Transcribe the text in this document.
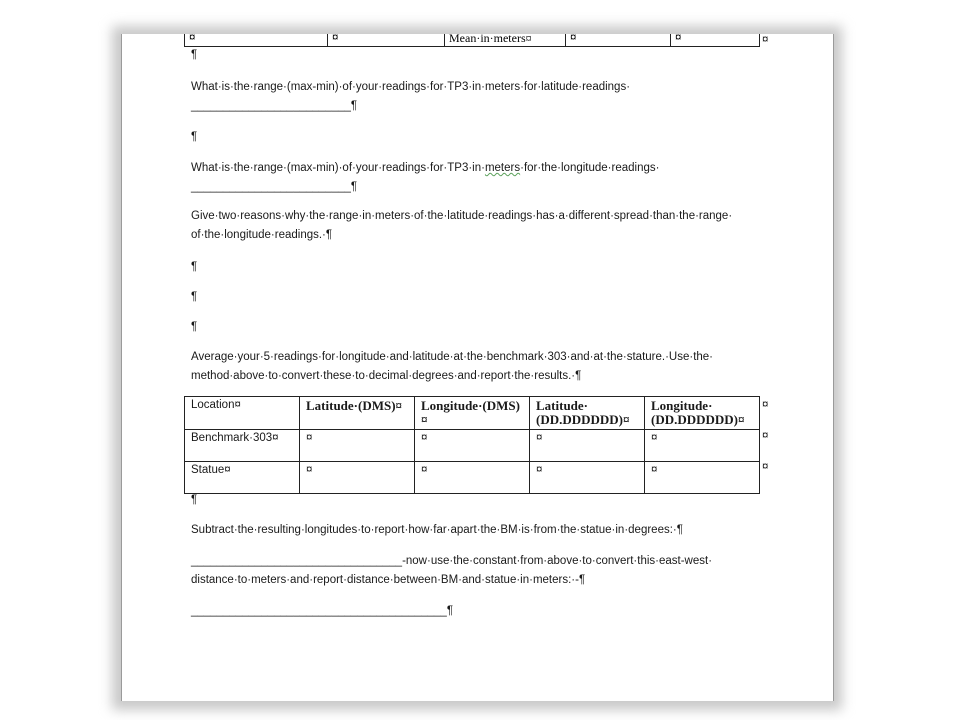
¤	¤	Mean·in·meters¤	¤	¤	¤
¶
What·is·the·range·(max-min)·of·your·readings·for·TP3·in·meters·for·latitude·readings·
_________________________¶
¶
What·is·the·range·(max-min)·of·your·readings·for·TP3·in·meters·for·the·longitude·readings·
_________________________¶
Give·two·reasons·why·the·range·in·meters·of·the·latitude·readings·has·a·different·spread·than·the·range·
of·the·longitude·readings.·¶
¶
¶
¶
Average·your·5·readings·for·longitude·and·latitude·at·the·benchmark·303·and·at·the·stature.·Use·the·
method·above·to·convert·these·to·decimal·degrees·and·report·the·results.·¶
Location¤	Latitude·(DMS)¤	Longitude·(DMS)¤	Latitude·
(DD.DDDDDD)¤	Longitude·
(DD.DDDDDD)¤
Benchmark·303¤	¤	¤	¤	¤
Statue¤	¤	¤	¤	¤
¤
¤
¤
¶
Subtract·the·resulting·longitudes·to·report·how·far·apart·the·BM·is·from·the·statue·in·degrees:·¶
_________________________________-now·use·the·constant·from·above·to·convert·this·east-west·
distance·to·meters·and·report·distance·between·BM·and·statue·in·meters:·-¶
________________________________________¶
